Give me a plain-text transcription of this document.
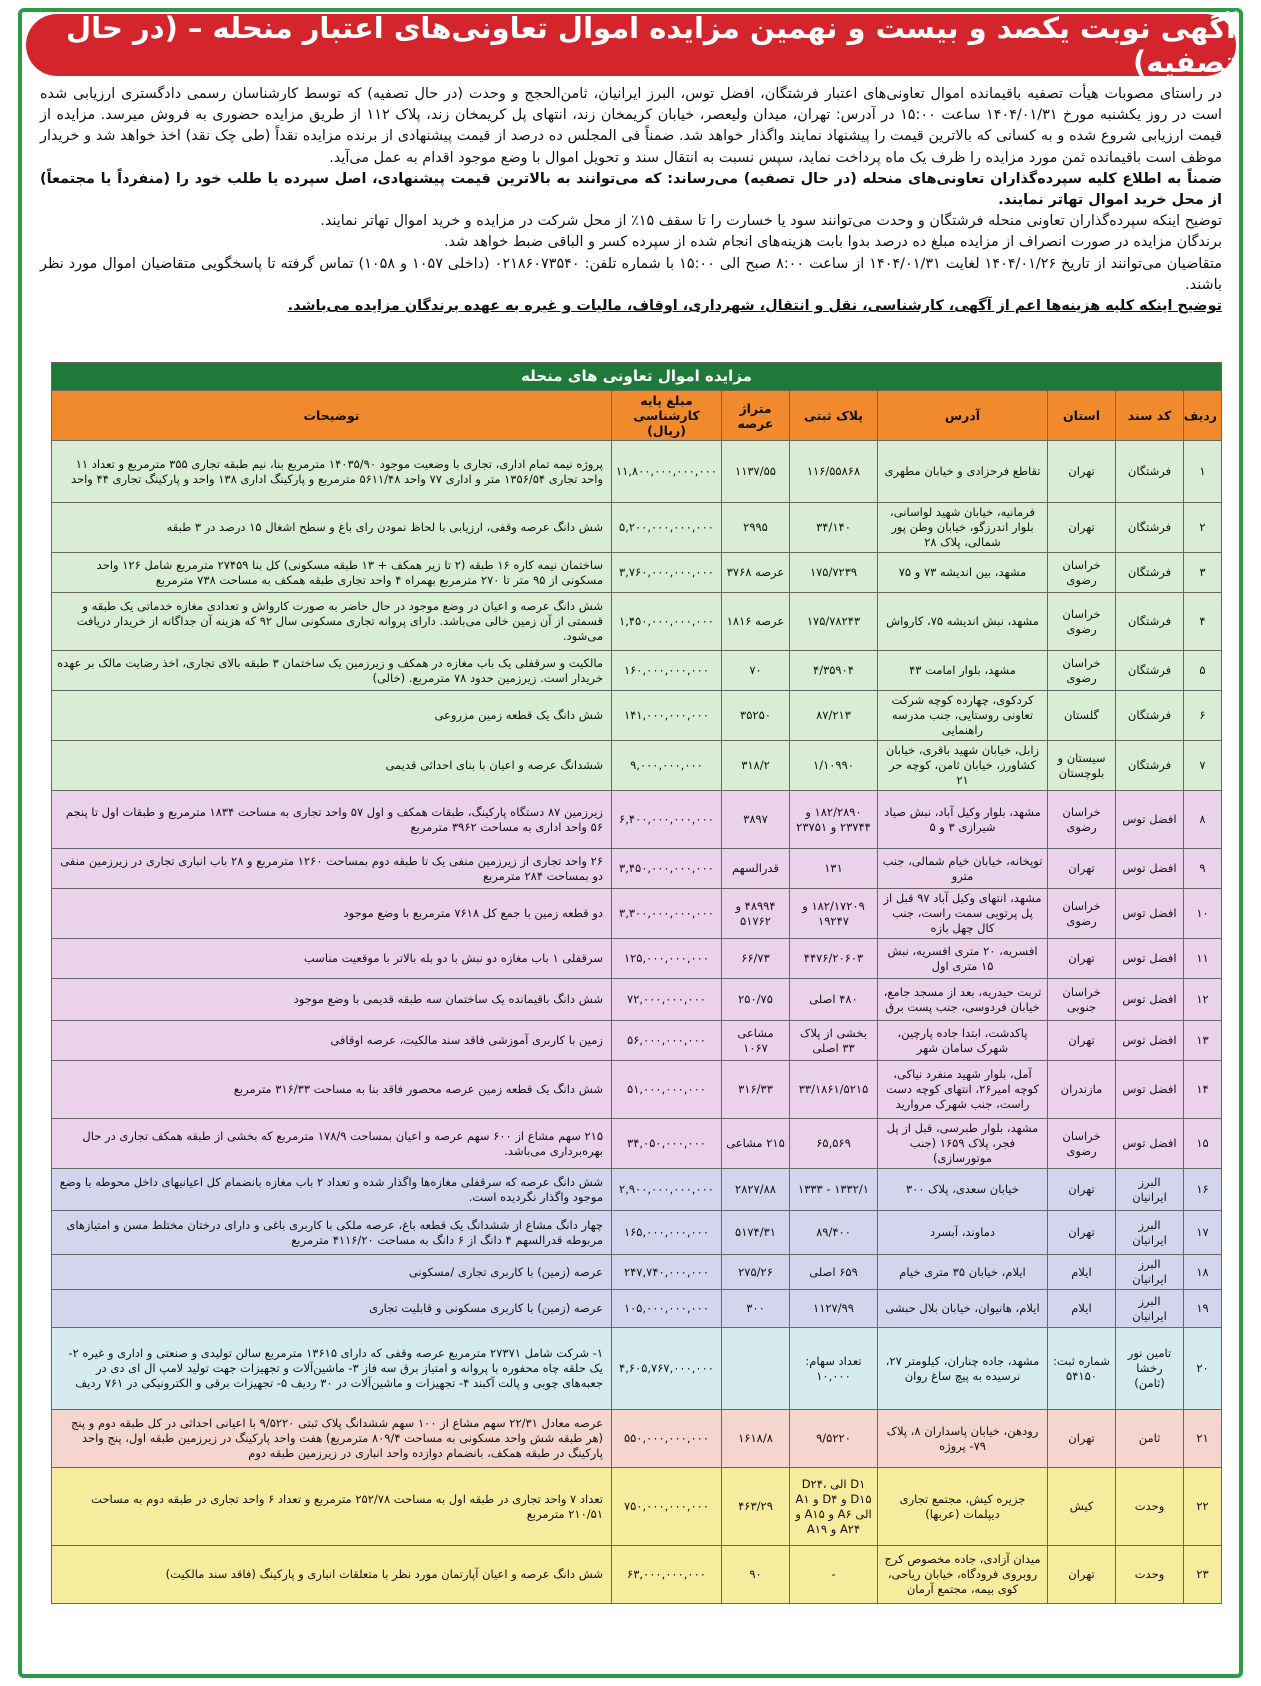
آگهی نوبت یکصد و بیست و نهمین مزایده اموال تعاونی‌های اعتبار منحله – (در حال تصفیه)

در راستای مصوبات هیأت تصفیه باقیمانده اموال تعاونی‌های اعتبار فرشتگان، افضل توس، البرز ایرانیان، ثامن‌الحجج و وحدت (در حال تصفیه) که توسط کارشناسان رسمی دادگستری ارزیابی شده است در روز یکشنبه مورخ ۱۴۰۴/۰۱/۳۱ ساعت ۱۵:۰۰ در آدرس: تهران، میدان ولیعصر، خیابان کریمخان زند، انتهای پل کریمخان زند، پلاک ۱۱۲ از طریق مزایده حضوری به فروش میرسد. مزایده از قیمت ارزیابی شروع شده و به کسانی که بالاترین قیمت را پیشنهاد نمایند واگذار خواهد شد. ضمناً فی المجلس ده درصد از قیمت پیشنهادی از برنده مزایده نقداً (طی چک نقد) اخذ خواهد شد و خریدار موظف است باقیمانده ثمن مورد مزایده را ظرف یک ماه پرداخت نماید، سپس نسبت به انتقال سند و تحویل اموال با وضع موجود اقدام به عمل می‌آید.

ضمناً به اطلاع کلیه سپرده‌گذاران تعاونی‌های منحله (در حال تصفیه) می‌رساند: که می‌توانند به بالاترین قیمت پیشنهادی، اصل سپرده یا طلب خود را (منفرداً یا مجتمعاً) از محل خرید اموال تهاتر نمایند.

توضیح اینکه سپرده‌گذاران تعاونی منحله فرشتگان و وحدت می‌توانند سود یا خسارت را تا سقف ۱۵٪ از محل شرکت در مزایده و خرید اموال تهاتر نمایند.

برندگان مزایده در صورت انصراف از مزایده مبلغ ده درصد بدوا بابت هزینه‌های انجام شده از سپرده کسر و الباقی ضبط خواهد شد.

متقاضیان می‌توانند از تاریخ ۱۴۰۴/۰۱/۲۶ لغایت ۱۴۰۴/۰۱/۳۱ از ساعت ۸:۰۰ صبح الی ۱۵:۰۰ با شماره تلفن: ۰۲۱۸۶۰۷۳۵۴۰ (داخلی ۱۰۵۷ و ۱۰۵۸) تماس گرفته تا پاسخگویی متقاضیان اموال مورد نظر باشند.

توضیح اینکه کلیه هزینه‌ها اعم از آگهی، کارشناسی، نقل و انتقال، شهرداری، اوقاف، مالیات و غیره به عهده برندگان مزایده می‌باشد.

مزایده اموال تعاونی های منحله							
ردیف	کد سند	استان	آدرس	پلاک ثبتی	متراژ عرصه	مبلغ پایه کارشناسی (ریال)	توضیحات
۱	فرشتگان	تهران	تقاطع فرحزادی و خیابان مطهری	۱۱۶/۵۵۸۶۸	۱۱۳۷/۵۵	۱۱,۸۰۰,۰۰۰,۰۰۰,۰۰۰	پروژه نیمه تمام اداری، تجاری با وضعیت موجود ۱۴۰۳۵/۹۰ مترمربع بنا، نیم طبقه تجاری ۳۵۵ مترمربع و تعداد ۱۱ واحد تجاری ۱۳۵۶/۵۴ متر و اداری ۷۷ واحد ۵۶۱۱/۴۸ مترمربع و پارکینگ اداری ۱۳۸ واحد و پارکینگ تجاری ۴۴ واحد
۲	فرشتگان	تهران	فرمانیه، خیابان شهید لواسانی، بلوار اندرزگو، خیابان وطن پور شمالی، پلاک ۲۸	۳۴/۱۴۰	۲۹۹۵	۵,۲۰۰,۰۰۰,۰۰۰,۰۰۰	شش دانگ عرصه وقفی، ارزیابی با لحاظ نمودن رای باغ و سطح اشغال ۱۵ درصد در ۳ طبقه
۳	فرشتگان	خراسان رضوی	مشهد، بین اندیشه ۷۳ و ۷۵	۱۷۵/۷۲۳۹	عرصه ۳۷۶۸	۳,۷۶۰,۰۰۰,۰۰۰,۰۰۰	ساختمان نیمه کاره ۱۶ طبقه (۲ تا زیر همکف + ۱۳ طبقه مسکونی) کل بنا ۲۷۴۵۹ مترمربع شامل ۱۲۶ واحد مسکونی از ۹۵ متر تا ۲۷۰ مترمربع بهمراه ۴ واحد تجاری طبقه همکف به مساحت ۷۳۸ مترمربع
۴	فرشتگان	خراسان رضوی	مشهد، نبش اندیشه ۷۵، کارواش	۱۷۵/۷۸۲۴۳	عرصه ۱۸۱۶	۱,۴۵۰,۰۰۰,۰۰۰,۰۰۰	شش دانگ عرصه و اعیان در وضع موجود در حال حاضر به صورت کارواش و تعدادی مغازه خدماتی یک طبقه و قسمتی از آن زمین خالی می‌باشد. دارای پروانه تجاری مسکونی سال ۹۲ که هزینه آن جداگانه از خریدار دریافت می‌شود.
۵	فرشتگان	خراسان رضوی	مشهد، بلوار امامت ۴۳	۴/۳۵۹۰۴	۷۰	۱۶۰,۰۰۰,۰۰۰,۰۰۰	مالکیت و سرقفلی یک باب مغازه در همکف و زیرزمین یک ساختمان ۳ طبقه بالای تجاری، اخذ رضایت مالک بر عهده خریدار است. زیرزمین حدود ۷۸ مترمربع. (خالی)
۶	فرشتگان	گلستان	کردکوی، چهارده کوچه شرکت تعاونی روستایی، جنب مدرسه راهنمایی	۸۷/۲۱۳	۳۵۲۵۰	۱۴۱,۰۰۰,۰۰۰,۰۰۰	شش دانگ یک قطعه زمین مزروعی
۷	فرشتگان	سیستان و بلوچستان	زابل، خیابان شهید باقری، خیابان کشاورز، خیابان ثامن، کوچه حر ۲۱	۱/۱۰۹۹۰	۳۱۸/۲	۹,۰۰۰,۰۰۰,۰۰۰	ششدانگ عرصه و اعیان با بنای احداثی قدیمی
۸	افضل توس	خراسان رضوی	مشهد، بلوار وکیل آباد، نبش صیاد شیرازی ۳ و ۵	۱۸۲/۲۸۹۰ و ۲۳۷۴۴ و ۲۳۷۵۱	۳۸۹۷	۶,۴۰۰,۰۰۰,۰۰۰,۰۰۰	زیرزمین ۸۷ دستگاه پارکینگ، طبقات همکف و اول ۵۷ واحد تجاری به مساحت ۱۸۳۴ مترمربع و طبقات اول تا پنجم ۵۶ واحد اداری به مساحت ۳۹۶۲ مترمربع
۹	افضل توس	تهران	توپخانه، خیابان خیام شمالی، جنب مترو	۱۳۱	قدرالسهم	۳,۴۵۰,۰۰۰,۰۰۰,۰۰۰	۲۶ واحد تجاری از زیرزمین منفی یک تا طبقه دوم بمساحت ۱۲۶۰ مترمربع و ۲۸ باب انباری تجاری در زیرزمین منفی دو بمساحت ۲۸۴ مترمربع
۱۰	افضل توس	خراسان رضوی	مشهد، انتهای وکیل آباد ۹۷ قبل از پل پرتویی سمت راست، جنب کال چهل بازه	۱۸۲/۱۷۲۰۹ و ۱۹۲۴۷	۴۸۹۹۴ و ۵۱۷۶۲	۳,۳۰۰,۰۰۰,۰۰۰,۰۰۰	دو قطعه زمین با جمع کل ۷۶۱۸ مترمربع با وضع موجود
۱۱	افضل توس	تهران	افسریه، ۲۰ متری افسریه، نبش ۱۵ متری اول	۴۴۷۶/۲۰۶۰۳	۶۶/۷۳	۱۲۵,۰۰۰,۰۰۰,۰۰۰	سرقفلی ۱ باب مغازه دو نبش با دو بله بالاتر با موقعیت مناسب
۱۲	افضل توس	خراسان جنوبی	تربت حیدریه، بعد از مسجد جامع، خیابان فردوسی، جنب پست برق	۴۸۰ اصلی	۲۵۰/۷۵	۷۲,۰۰۰,۰۰۰,۰۰۰	شش دانگ باقیمانده یک ساختمان سه طبقه قدیمی با وضع موجود
۱۳	افضل توس	تهران	پاکدشت، ابتدا جاده پارچین، شهرک سامان شهر	بخشی از پلاک ۳۳ اصلی	مشاعی ۱۰۶۷	۵۶,۰۰۰,۰۰۰,۰۰۰	زمین با کاربری آموزشی فاقد سند مالکیت، عرصه اوقافی
۱۴	افضل توس	مازندران	آمل، بلوار شهید منفرد نیاکی، کوچه امیر۲۶، انتهای کوچه دست راست، جنب شهرک مروارید	۳۳/۱۸۶۱/۵۲۱۵	۳۱۶/۳۳	۵۱,۰۰۰,۰۰۰,۰۰۰	شش دانگ یک قطعه زمین عرصه محصور فاقد بنا به مساحت ۳۱۶/۳۳ مترمربع
۱۵	افضل توس	خراسان رضوی	مشهد، بلوار طبرسی، قبل از پل فجر، پلاک ۱۶۵۹ (جنب موتورسازی)	۶۵,۵۶۹	۲۱۵ مشاعی	۳۴,۰۵۰,۰۰۰,۰۰۰	۲۱۵ سهم مشاع از ۶۰۰ سهم عرصه و اعیان بمساحت ۱۷۸/۹ مترمربع که بخشی از طبقه همکف تجاری در حال بهره‌برداری می‌باشد.
۱۶	البرز ایرانیان	تهران	خیابان سعدی، پلاک ۳۰۰	۱۳۳۲/۱ - ۱۳۳۳	۲۸۲۷/۸۸	۲,۹۰۰,۰۰۰,۰۰۰,۰۰۰	شش دانگ عرصه که سرقفلی مغازه‌ها واگذار شده و تعداد ۲ باب مغازه بانضمام کل اعیانیهای داخل محوطه با وضع موجود واگذار نگردیده است.
۱۷	البرز ایرانیان	تهران	دماوند، آبسرد	۸۹/۴۰۰	۵۱۷۴/۳۱	۱۶۵,۰۰۰,۰۰۰,۰۰۰	چهار دانگ مشاع از ششدانگ یک قطعه باغ، عرصه ملکی با کاربری باغی و دارای درختان مختلط مسن و امتیازهای مربوطه قدرالسهم ۴ دانگ از ۶ دانگ به مساحت ۴۱۱۶/۲۰ مترمربع
۱۸	البرز ایرانیان	ایلام	ایلام، خیابان ۳۵ متری خیام	۶۵۹ اصلی	۲۷۵/۲۶	۲۴۷,۷۴۰,۰۰۰,۰۰۰	عرصه (زمین) با کاربری تجاری /مسکونی
۱۹	البرز ایرانیان	ایلام	ایلام، هانیوان، خیابان بلال حبشی	۱۱۲۷/۹۹	۳۰۰	۱۰۵,۰۰۰,۰۰۰,۰۰۰	عرصه (زمین) با کاربری مسکونی و قابلیت تجاری
۲۰	تامین نور رخشا (ثامن)	شماره ثبت: ۵۴۱۵۰	مشهد، جاده چناران، کیلومتر ۲۷، نرسیده به پیچ ساغ روان	تعداد سهام: ۱۰,۰۰۰		۴,۶۰۵,۷۶۷,۰۰۰,۰۰۰	۱- شرکت شامل ۲۷۳۷۱ مترمربع عرصه وقفی که دارای ۱۳۶۱۵ مترمربع سالن تولیدی و صنعتی و اداری و غیره ۲- یک حلقه چاه محفوره با پروانه و امتیاز برق سه فاز ۳- ماشین‌آلات و تجهیزات جهت تولید لامپ ال ای دی در جعبه‌های چوبی و پالت آکبند ۴- تجهیزات و ماشین‌آلات در ۳۰ ردیف ۵- تجهیزات برقی و الکترونیکی در ۷۶۱ ردیف
۲۱	ثامن	تهران	رودهن، خیابان پاسداران ۸، پلاک ۷۹- پروژه	۹/۵۲۲۰	۱۶۱۸/۸	۵۵۰,۰۰۰,۰۰۰,۰۰۰	عرصه معادل ۲۲/۳۱ سهم مشاع از ۱۰۰ سهم ششدانگ پلاک ثبتی ۹/۵۲۲۰ با اعیانی احداثی در کل طبقه دوم و پنج (هر طبقه شش واحد مسکونی به مساحت ۸۰۹/۴ مترمربع) هفت واحد پارکینگ در زیرزمین طبقه اول، پنج واحد پارکینگ در طبقه همکف، بانضمام دوازده واحد انباری در زیرزمین طبقه دوم
۲۲	وحدت	کیش	جزیره کیش، مجتمع تجاری دیپلمات (عربها)	D۱ الی D۲۴، D۱۵ و D۴ و A۱ الی A۶ و A۱۵ و A۲۴ و A۱۹	۴۶۳/۲۹	۷۵۰,۰۰۰,۰۰۰,۰۰۰	تعداد ۷ واحد تجاری در طبقه اول به مساحت ۲۵۲/۷۸ مترمربع و تعداد ۶ واحد تجاری در طبقه دوم به مساحت ۲۱۰/۵۱ مترمربع
۲۳	وحدت	تهران	میدان آزادی، جاده مخصوص کرج روبروی فرودگاه، خیابان ریاحی، کوی بیمه، مجتمع آرمان	-	۹۰	۶۳,۰۰۰,۰۰۰,۰۰۰	شش دانگ عرصه و اعیان آپارتمان مورد نظر با متعلقات انباری و پارکینگ (فاقد سند مالکیت)
